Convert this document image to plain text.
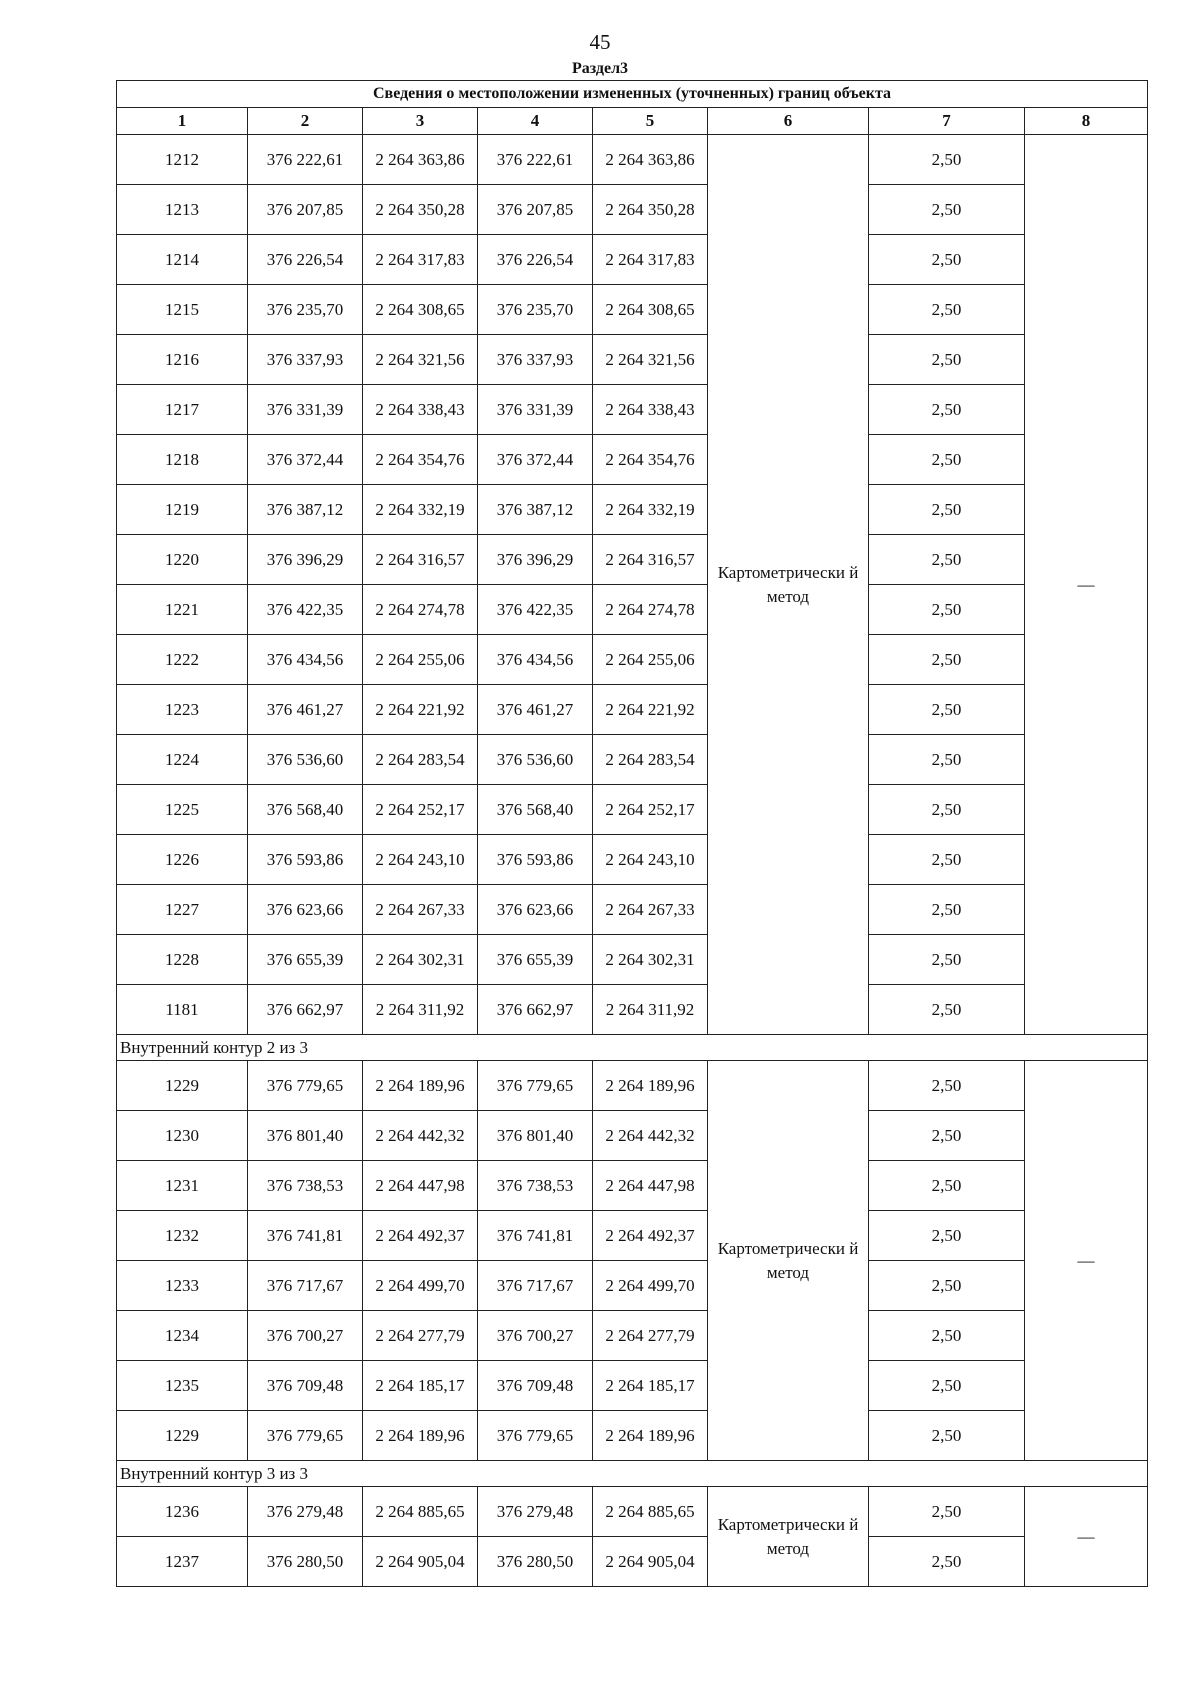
45
Раздел3
Сведения о местоположении измененных (уточненных) границ объекта							
1	2	3	4	5	6	7	8
1212	376 222,61	2 264 363,86	376 222,61	2 264 363,86	Картометрически й метод	2,50	—
1213	376 207,85	2 264 350,28	376 207,85	2 264 350,28		2,50	
1214	376 226,54	2 264 317,83	376 226,54	2 264 317,83		2,50	
1215	376 235,70	2 264 308,65	376 235,70	2 264 308,65		2,50	
1216	376 337,93	2 264 321,56	376 337,93	2 264 321,56		2,50	
1217	376 331,39	2 264 338,43	376 331,39	2 264 338,43		2,50	
1218	376 372,44	2 264 354,76	376 372,44	2 264 354,76		2,50	
1219	376 387,12	2 264 332,19	376 387,12	2 264 332,19		2,50	
1220	376 396,29	2 264 316,57	376 396,29	2 264 316,57		2,50	
1221	376 422,35	2 264 274,78	376 422,35	2 264 274,78		2,50	
1222	376 434,56	2 264 255,06	376 434,56	2 264 255,06		2,50	
1223	376 461,27	2 264 221,92	376 461,27	2 264 221,92		2,50	
1224	376 536,60	2 264 283,54	376 536,60	2 264 283,54		2,50	
1225	376 568,40	2 264 252,17	376 568,40	2 264 252,17		2,50	
1226	376 593,86	2 264 243,10	376 593,86	2 264 243,10		2,50	
1227	376 623,66	2 264 267,33	376 623,66	2 264 267,33		2,50	
1228	376 655,39	2 264 302,31	376 655,39	2 264 302,31		2,50	
1181	376 662,97	2 264 311,92	376 662,97	2 264 311,92		2,50	
Внутренний контур 2 из 3							
1229	376 779,65	2 264 189,96	376 779,65	2 264 189,96	Картометрически й метод	2,50	—
1230	376 801,40	2 264 442,32	376 801,40	2 264 442,32		2,50	
1231	376 738,53	2 264 447,98	376 738,53	2 264 447,98		2,50	
1232	376 741,81	2 264 492,37	376 741,81	2 264 492,37		2,50	
1233	376 717,67	2 264 499,70	376 717,67	2 264 499,70		2,50	
1234	376 700,27	2 264 277,79	376 700,27	2 264 277,79		2,50	
1235	376 709,48	2 264 185,17	376 709,48	2 264 185,17		2,50	
1229	376 779,65	2 264 189,96	376 779,65	2 264 189,96		2,50	
Внутренний контур 3 из 3							
1236	376 279,48	2 264 885,65	376 279,48	2 264 885,65	Картометрически й метод	2,50	—
1237	376 280,50	2 264 905,04	376 280,50	2 264 905,04		2,50	
